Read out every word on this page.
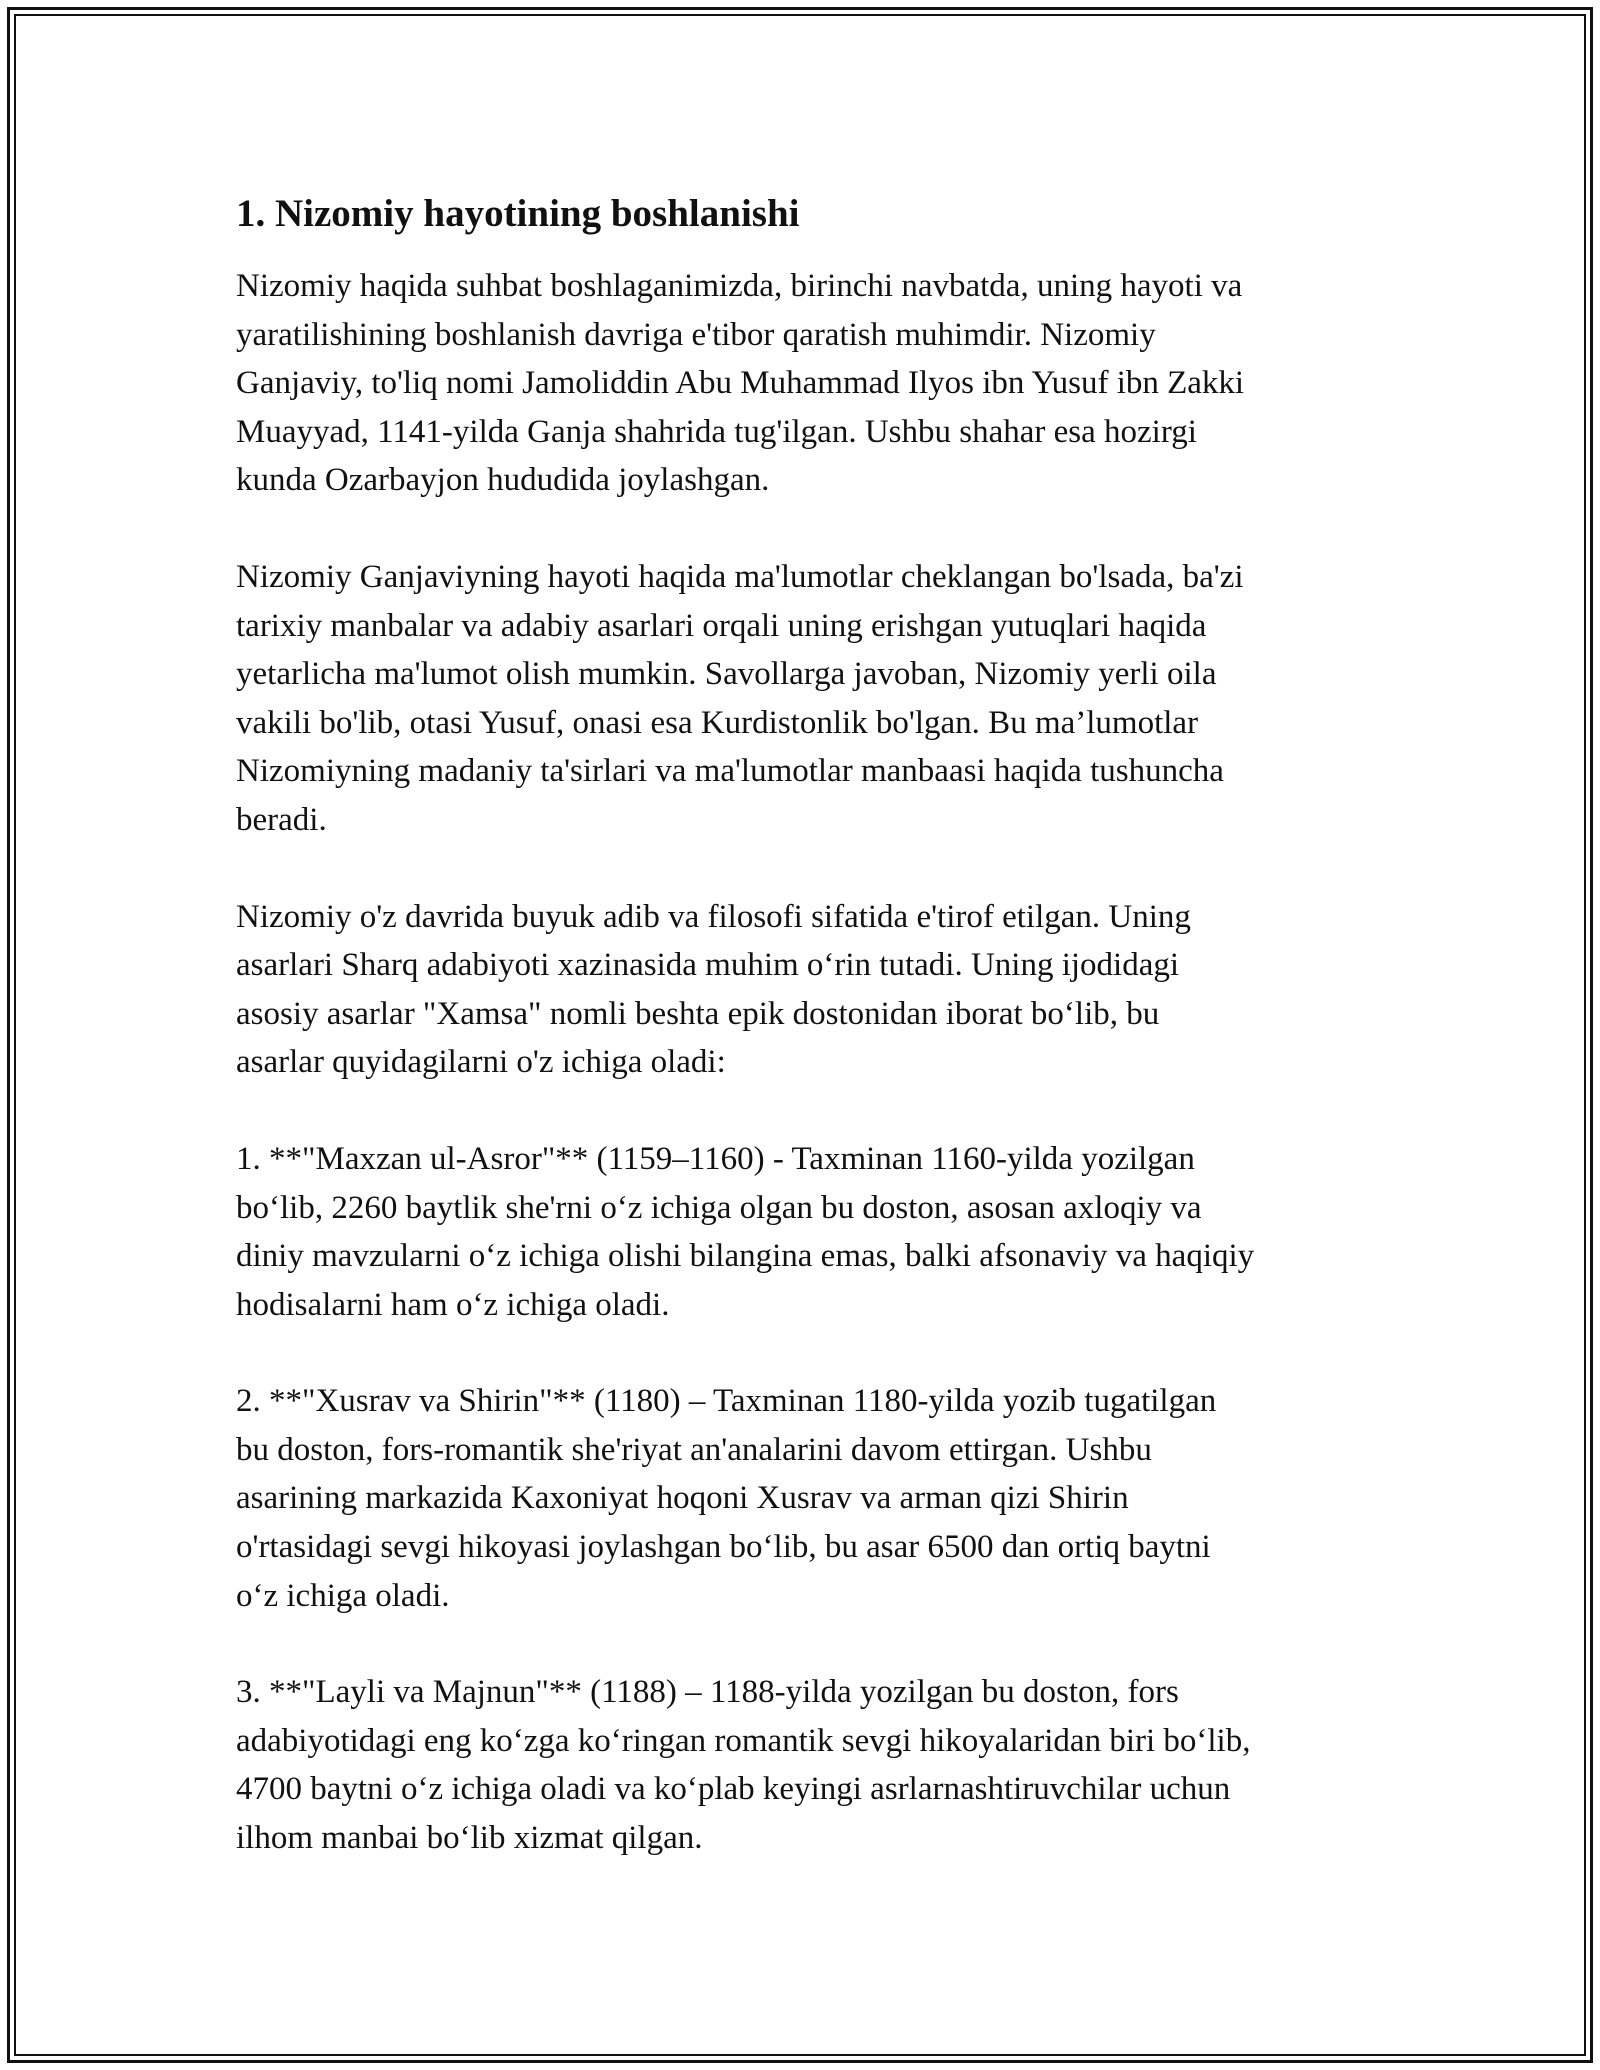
1. Nizomiy hayotining boshlanishi

Nizomiy haqida suhbat boshlaganimizda, birinchi navbatda, uning hayoti va
yaratilishining boshlanish davriga e'tibor qaratish muhimdir. Nizomiy
Ganjaviy, to'liq nomi Jamoliddin Abu Muhammad Ilyos ibn Yusuf ibn Zakki
Muayyad, 1141-yilda Ganja shahrida tug'ilgan. Ushbu shahar esa hozirgi
kunda Ozarbayjon hududida joylashgan.

Nizomiy Ganjaviyning hayoti haqida ma'lumotlar cheklangan bo'lsada, ba'zi
tarixiy manbalar va adabiy asarlari orqali uning erishgan yutuqlari haqida
yetarlicha ma'lumot olish mumkin. Savollarga javoban, Nizomiy yerli oila
vakili bo'lib, otasi Yusuf, onasi esa Kurdistonlik bo'lgan. Bu ma’lumotlar
Nizomiyning madaniy ta'sirlari va ma'lumotlar manbaasi haqida tushuncha
beradi.

Nizomiy o'z davrida buyuk adib va filosofi sifatida e'tirof etilgan. Uning
asarlari Sharq adabiyoti xazinasida muhim o‘rin tutadi. Uning ijodidagi
asosiy asarlar "Xamsa" nomli beshta epik dostonidan iborat bo‘lib, bu
asarlar quyidagilarni o'z ichiga oladi:

1. **"Maxzan ul-Asror"** (1159–1160) - Taxminan 1160-yilda yozilgan
bo‘lib, 2260 baytlik she'rni o‘z ichiga olgan bu doston, asosan axloqiy va
diniy mavzularni o‘z ichiga olishi bilangina emas, balki afsonaviy va haqiqiy
hodisalarni ham o‘z ichiga oladi.

2. **"Xusrav va Shirin"** (1180) – Taxminan 1180-yilda yozib tugatilgan
bu doston, fors-romantik she'riyat an'analarini davom ettirgan. Ushbu
asarining markazida Kaxoniyat hoqoni Xusrav va arman qizi Shirin
o'rtasidagi sevgi hikoyasi joylashgan bo‘lib, bu asar 6500 dan ortiq baytni
o‘z ichiga oladi.

3. **"Layli va Majnun"** (1188) – 1188-yilda yozilgan bu doston, fors
adabiyotidagi eng ko‘zga ko‘ringan romantik sevgi hikoyalaridan biri bo‘lib,
4700 baytni o‘z ichiga oladi va ko‘plab keyingi asrlarnashtiruvchilar uchun
ilhom manbai bo‘lib xizmat qilgan.
